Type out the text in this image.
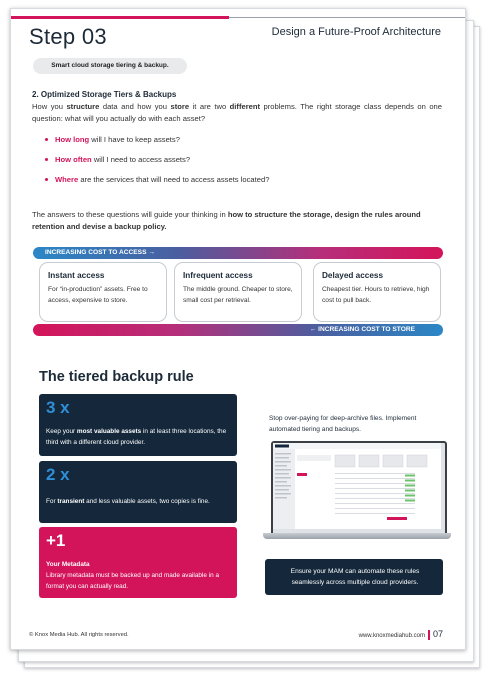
Step 03	Design a Future-Proof Architecture
Smart cloud storage tiering & backup.
2. Optimized Storage Tiers & Backups
How you structure data and how you store it are two different problems. The right storage class depends on one question: what will you actually do with each asset?
How long will I have to keep assets?
How often will I need to access assets?
Where are the services that will need to access assets located?
The answers to these questions will guide your thinking in how to structure the storage, design the rules around retention and devise a backup policy.
INCREASING COST TO ACCESS →
Instant access
For “in-production” assets. Free to access, expensive to store.
Infrequent access
The middle ground. Cheaper to store, small cost per retrieval.
Delayed access
Cheapest tier. Hours to retrieve, high cost to pull back.
← INCREASING COST TO STORE
The tiered backup rule
3 x
Keep your most valuable assets in at least three locations, the third with a different cloud provider.
2 x
For transient and less valuable assets, two copies is fine.
+1
Your Metadata
Library metadata must be backed up and made available in a format you can actually read.
Stop over-paying for deep-archive files. Implement automated tiering and backups.
Ensure your MAM can automate these rules seamlessly across multiple cloud providers.
© Knox Media Hub. All rights reserved.	www.knoxmediahub.com 07
